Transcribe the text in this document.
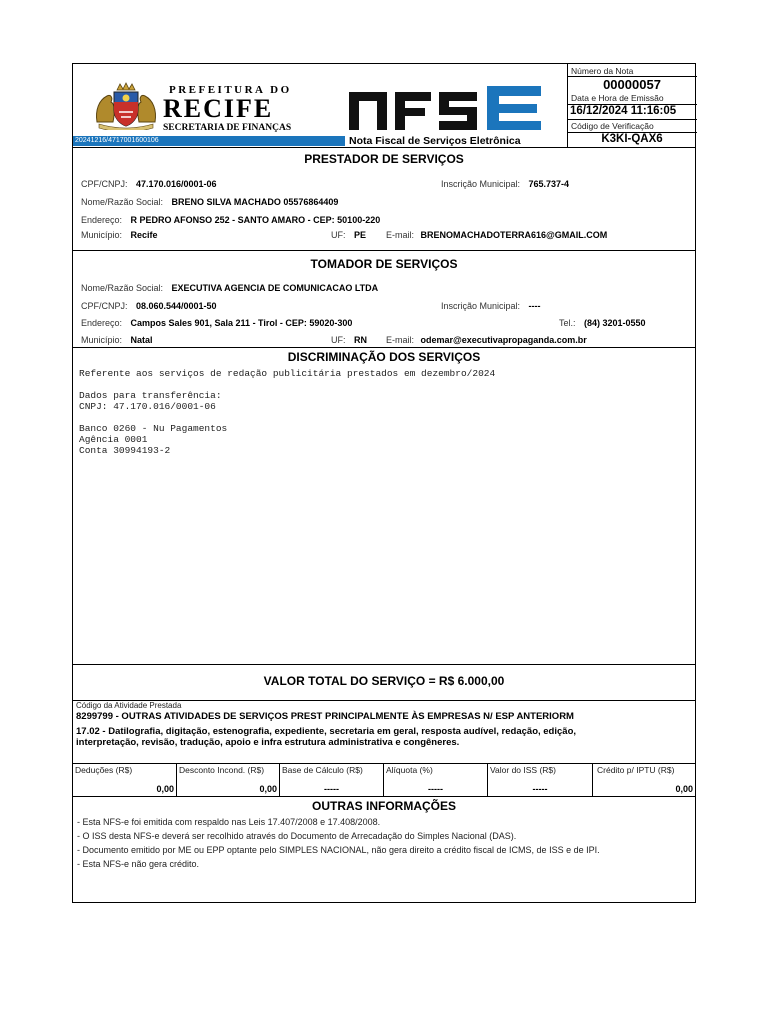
PREFEITURA DO
RECIFE
SECRETARIA DE FINANÇAS
20241216/4717001600106	Nota Fiscal de Serviços Eletrônica
Número da Nota
00000057
Data e Hora de Emissão
16/12/2024 11:16:05
Código de Verificação
K3KI-QAX6
PRESTADOR DE SERVIÇOS
CPF/CNPJ: 47.170.016/0001-06	Inscrição Municipal: 765.737-4
Nome/Razão Social: BRENO SILVA MACHADO 05576864409
Endereço: R PEDRO AFONSO 252 - SANTO AMARO - CEP: 50100-220
Município: Recife	UF: PE E-mail: BRENOMACHADOTERRA616@GMAIL.COM
TOMADOR DE SERVIÇOS
Nome/Razão Social: EXECUTIVA AGENCIA DE COMUNICACAO LTDA
CPF/CNPJ: 08.060.544/0001-50	Inscrição Municipal: ----
Endereço: Campos Sales 901, Sala 211 - Tirol - CEP: 59020-300	Tel.: (84) 3201-0550
Município: Natal	UF: RN E-mail: odemar@executivapropaganda.com.br
DISCRIMINAÇÃO DOS SERVIÇOS
Referente aos serviços de redação publicitária prestados em dezembro/2024
Dados para transferência:
CNPJ: 47.170.016/0001-06
Banco 0260 - Nu Pagamentos
Agência 0001
Conta 30994193-2
VALOR TOTAL DO SERVIÇO = R$ 6.000,00
Código da Atividade Prestada
8299799 - OUTRAS ATIVIDADES DE SERVIÇOS PREST PRINCIPALMENTE ÀS EMPRESAS N/ ESP ANTERIORM
17.02 - Datilografia, digitação, estenografia, expediente, secretaria em geral, resposta audível, redação, edição,
interpretação, revisão, tradução, apoio e infra estrutura administrativa e congêneres.
Deduções (R$)
0,00
Desconto Incond. (R$)
0,00
Base de Cálculo (R$)
-----
Alíquota (%)
-----
Valor do ISS (R$)
-----
Crédito p/ IPTU (R$)
0,00
OUTRAS INFORMAÇÕES
- Esta NFS-e foi emitida com respaldo nas Leis 17.407/2008 e 17.408/2008.
- O ISS desta NFS-e deverá ser recolhido através do Documento de Arrecadação do Simples Nacional (DAS).
- Documento emitido por ME ou EPP optante pelo SIMPLES NACIONAL, não gera direito a crédito fiscal de ICMS, de ISS e de IPI.
- Esta NFS-e não gera crédito.
